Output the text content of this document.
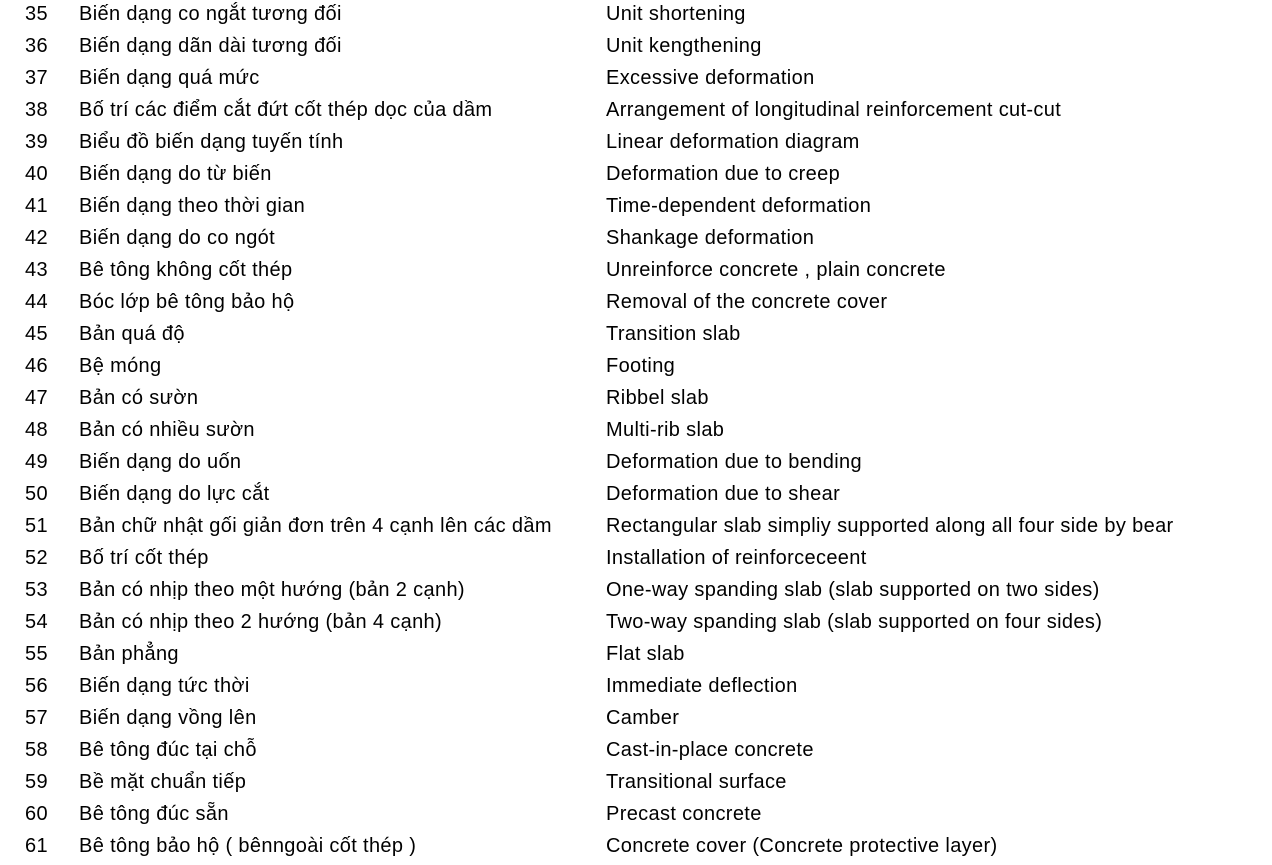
35 Biến dạng co ngắt tương đối	Unit shortening
36 Biến dạng dãn dài tương đối	Unit kengthening
37 Biến dạng quá mức	Excessive deformation
38 Bố trí các điểm cắt đứt cốt thép dọc của dầm	Arrangement of longitudinal reinforcement cut-cut
39 Biểu đồ biến dạng tuyến tính	Linear deformation diagram
40 Biến dạng do từ biến	Deformation due to creep
41 Biến dạng theo thời gian	Time-dependent deformation
42 Biến dạng do co ngót	Shankage deformation
43 Bê tông không cốt thép	Unreinforce concrete , plain concrete
44 Bóc lớp bê tông bảo hộ	Removal of the concrete cover
45 Bản quá độ	Transition slab
46 Bệ móng	Footing
47 Bản có sườn	Ribbel slab
48 Bản có nhiều sườn	Multi-rib slab
49 Biến dạng do uốn	Deformation due to bending
50 Biến dạng do lực cắt	Deformation due to shear
51 Bản chữ nhật gối giản đơn trên 4 cạnh lên các dầm	Rectangular slab simpliy supported along all four side by bear
52 Bố trí cốt thép	Installation of reinforceceent
53 Bản có nhịp theo một hướng (bản 2 cạnh)	One-way spanding slab (slab supported on two sides)
54 Bản có nhịp theo 2 hướng (bản 4 cạnh)	Two-way spanding slab (slab supported on four sides)
55 Bản phẳng	Flat slab
56 Biến dạng tức thời	Immediate deflection
57 Biến dạng vồng lên	Camber
58 Bê tông đúc tại chỗ	Cast-in-place concrete
59 Bề mặt chuẩn tiếp	Transitional surface
60 Bê tông đúc sẵn	Precast concrete
61 Bê tông bảo hộ ( bênngoài cốt thép )	Concrete cover (Concrete protective layer)
